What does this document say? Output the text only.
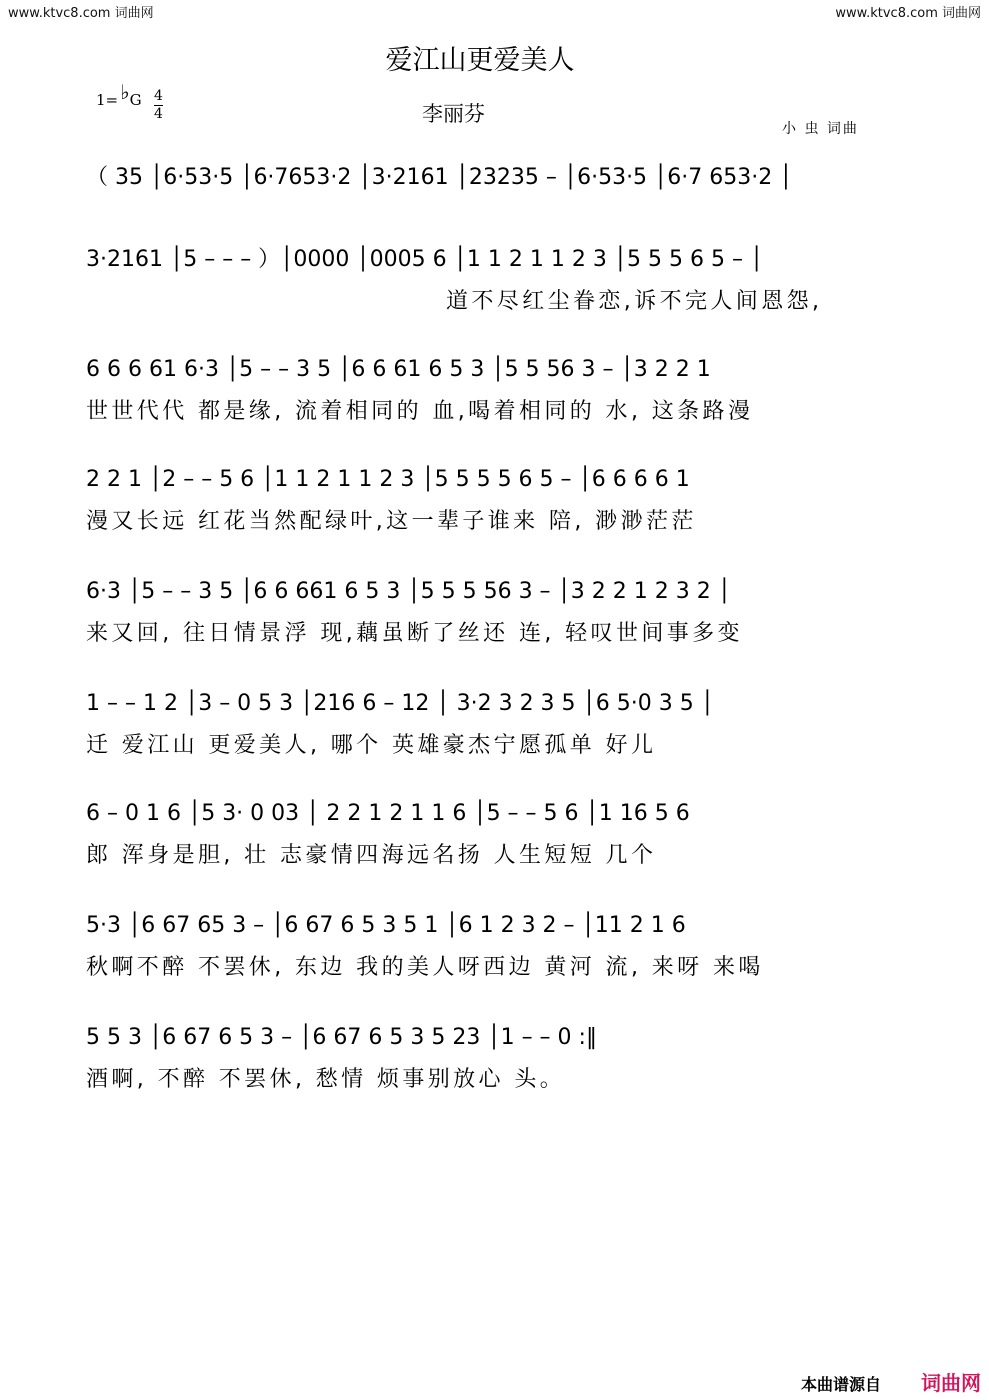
www.ktvc8.com 词曲网	www.ktvc8.com 词曲网
爱江山更爱美人
1= ♭G 4
4	李丽芬
小 虫 词曲
（ 35 │6·53·5 │6·7653·2 │3·2161 │23235 – │6·53·5 │6·7 653·2 │
3·2161 │5 – – – ）│0000 │0005 6 │1 1 2 1 1 2 3 │5 5 5 6 5 – │
道不尽红尘眷恋,诉不完人间恩怨,
6 6 6 61 6·3 │5 – – 3 5 │6 6 61 6 5 3 │5 5 56 3 – │3 2 2 1
世世代代 都是缘, 流着相同的 血,喝着相同的 水, 这条路漫
2 2 1 │2 – – 5 6 │1 1 2 1 1 2 3 │5 5 5 5 6 5 – │6 6 6 6 1
漫又长远 红花当然配绿叶,这一辈子谁来 陪, 渺渺茫茫
6·3 │5 – – 3 5 │6 6 661 6 5 3 │5 5 5 56 3 – │3 2 2 1 2 3 2 │
来又回, 往日情景浮 现,藕虽断了丝还 连, 轻叹世间事多变
1 – – 1 2 │3 – 0 5 3 │216 6 – 12 │ 3·2 3 2 3 5 │6 5·0 3 5 │
迁 爱江山 更爱美人, 哪个 英雄豪杰宁愿孤单 好儿
6 – 0 1 6 │5 3· 0 03 │ 2 2 1 2 1 1 6 │5 – – 5 6 │1 16 5 6
郎 浑身是胆, 壮 志豪情四海远名扬 人生短短 几个
5·3 │6 67 65 3 – │6 67 6 5 3 5 1 │6 1 2 3 2 – │11 2 1 6
秋啊不醉 不罢休, 东边 我的美人呀西边 黄河 流, 来呀 来喝
5 5 3 │6 67 6 5 3 – │6 67 6 5 3 5 23 │1 – – 0 :‖
酒啊, 不醉 不罢休, 愁情 烦事别放心 头。
本曲谱源自 词曲网
